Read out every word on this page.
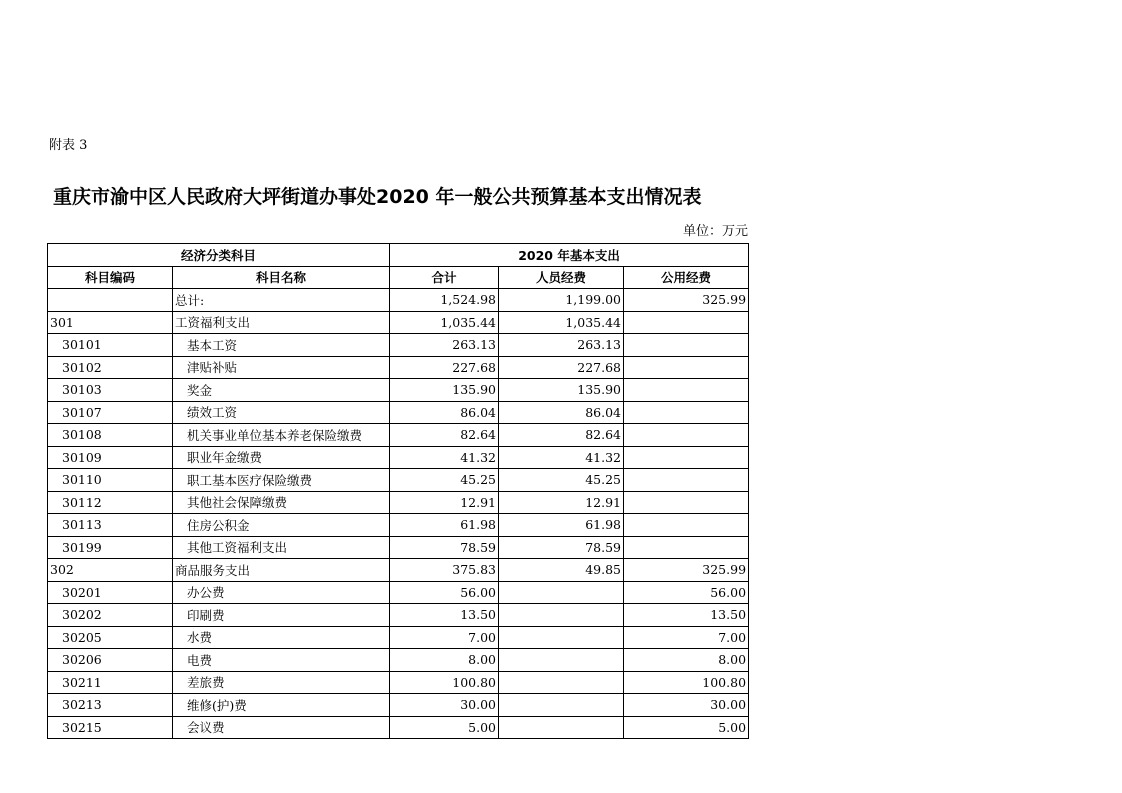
附表 3
重庆市渝中区人民政府大坪街道办事处2020 年一般公共预算基本支出情况表
单位：万元
经济分类科目		2020 年基本支出		
科目编码	科目名称	合计	人员经费	公用经费
	总计:	1,524.98	1,199.00	325.99
301	工资福利支出	1,035.44	1,035.44	
30101	基本工资	263.13	263.13	
30102	津贴补贴	227.68	227.68	
30103	奖金	135.90	135.90	
30107	绩效工资	86.04	86.04	
30108	机关事业单位基本养老保险缴费	82.64	82.64	
30109	职业年金缴费	41.32	41.32	
30110	职工基本医疗保险缴费	45.25	45.25	
30112	其他社会保障缴费	12.91	12.91	
30113	住房公积金	61.98	61.98	
30199	其他工资福利支出	78.59	78.59	
302	商品服务支出	375.83	49.85	325.99
30201	办公费	56.00		56.00
30202	印刷费	13.50		13.50
30205	水费	7.00		7.00
30206	电费	8.00		8.00
30211	差旅费	100.80		100.80
30213	维修(护)费	30.00		30.00
30215	会议费	5.00		5.00
